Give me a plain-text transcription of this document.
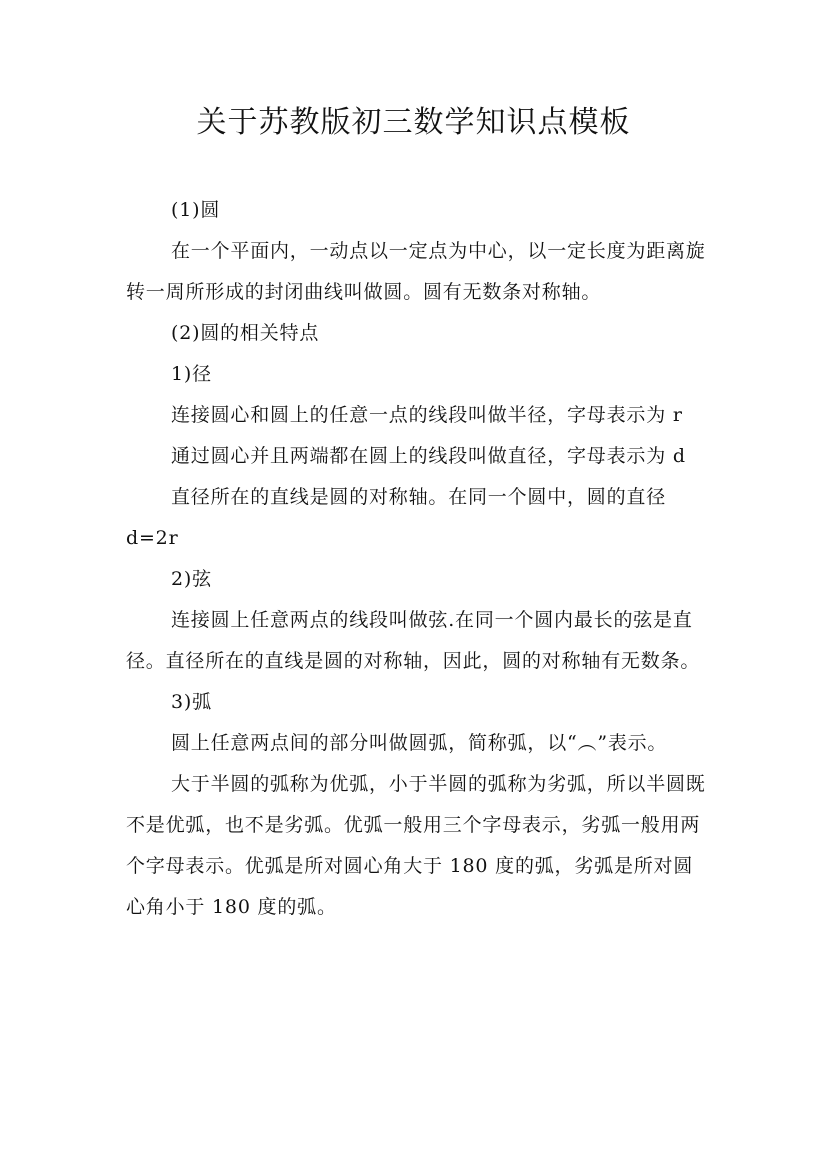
关于苏教版初三数学知识点模板

(1)圆

在一个平面内，一动点以一定点为中心，以一定长度为距离旋转一周所形成的封闭曲线叫做圆。圆有无数条对称轴。

(2)圆的相关特点

1)径

连接圆心和圆上的任意一点的线段叫做半径，字母表示为 r

通过圆心并且两端都在圆上的线段叫做直径，字母表示为 d

直径所在的直线是圆的对称轴。在同一个圆中，圆的直径 d=2r

2)弦

连接圆上任意两点的线段叫做弦.在同一个圆内最长的弦是直径。直径所在的直线是圆的对称轴，因此，圆的对称轴有无数条。

3)弧

圆上任意两点间的部分叫做圆弧，简称弧，以“︵”表示。

大于半圆的弧称为优弧，小于半圆的弧称为劣弧，所以半圆既不是优弧，也不是劣弧。优弧一般用三个字母表示，劣弧一般用两个字母表示。优弧是所对圆心角大于 180 度的弧，劣弧是所对圆心角小于 180 度的弧。
